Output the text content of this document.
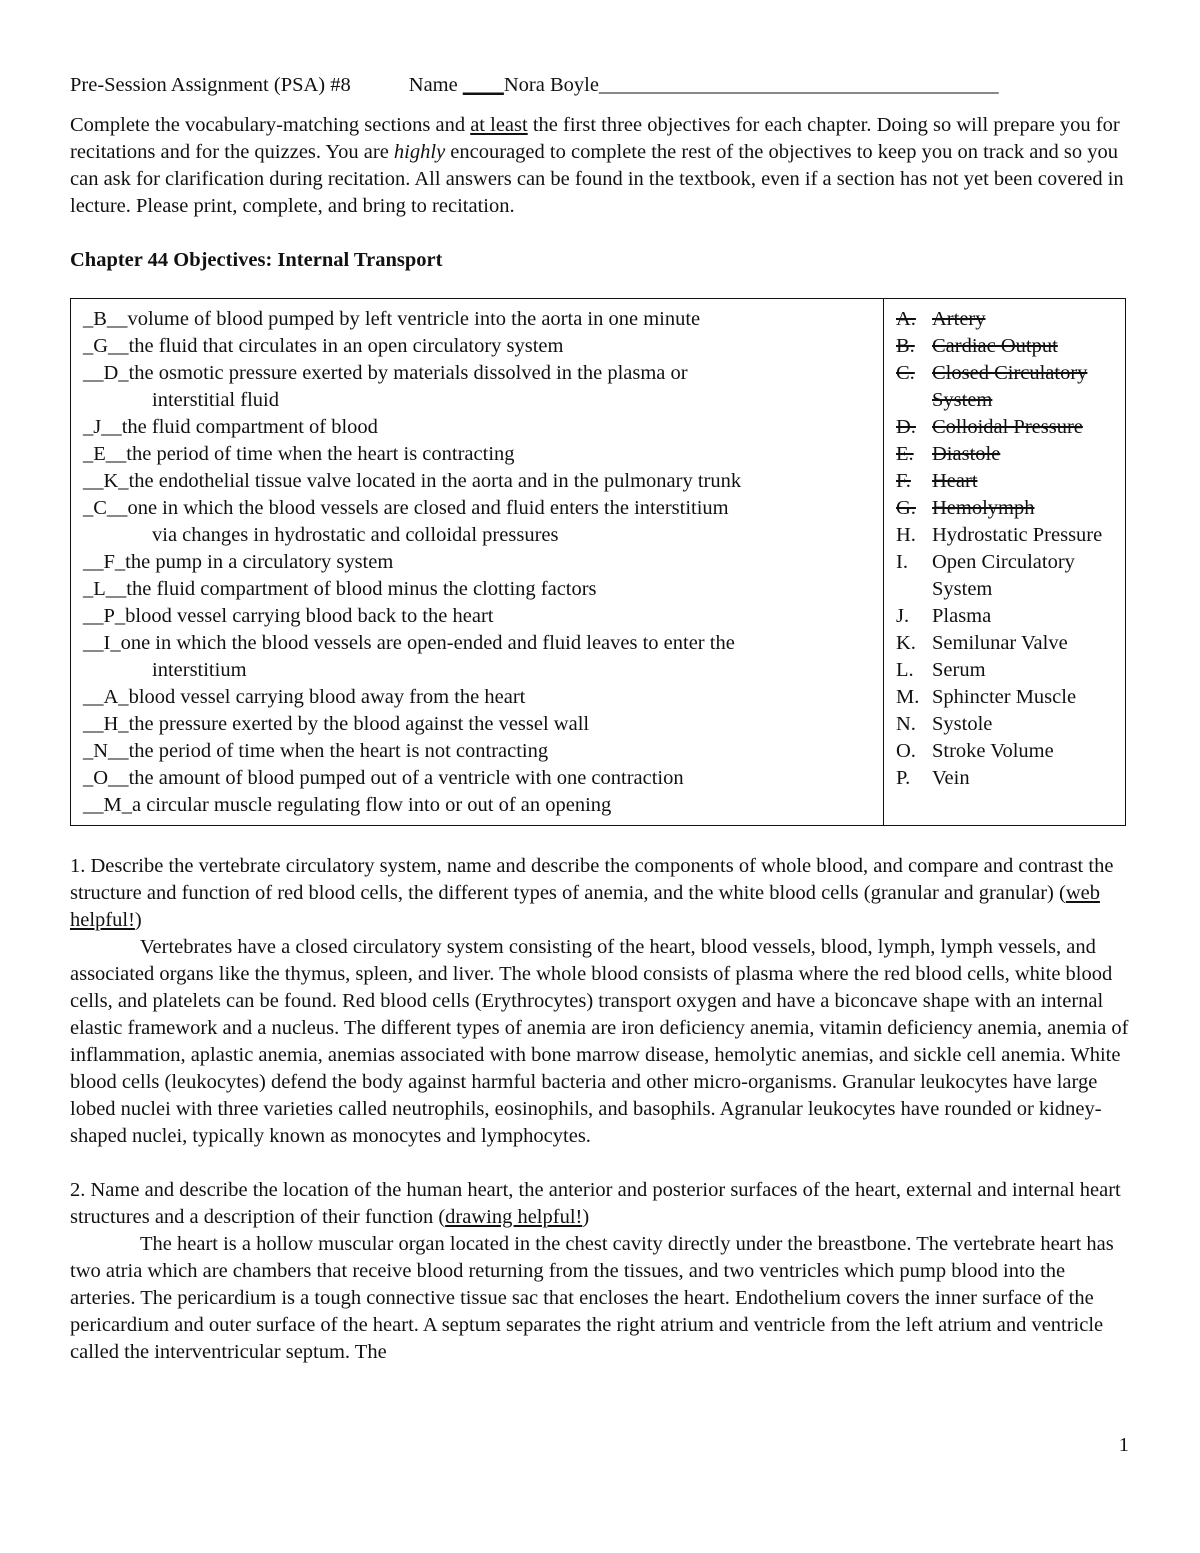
Pre-Session Assignment (PSA) #8	Name ____Nora Boyle_______________________________________
Complete the vocabulary-matching sections and at least the first three objectives for each chapter. Doing so will prepare you for recitations and for the quizzes. You are highly encouraged to complete the rest of the objectives to keep you on track and so you can ask for clarification during recitation. All answers can be found in the textbook, even if a section has not yet been covered in lecture. Please print, complete, and bring to recitation.
Chapter 44 Objectives: Internal Transport
_B__ volume of blood pumped by left ventricle into the aorta in one minute
_G__ the fluid that circulates in an open circulatory system
__D_ the osmotic pressure exerted by materials dissolved in the plasma or
interstitial fluid
_J__ the fluid compartment of blood
_E__ the period of time when the heart is contracting
__K_ the endothelial tissue valve located in the aorta and in the pulmonary trunk
_C__ one in which the blood vessels are closed and fluid enters the interstitium
via changes in hydrostatic and colloidal pressures
__F_ the pump in a circulatory system
_L__ the fluid compartment of blood minus the clotting factors
__P_ blood vessel carrying blood back to the heart
__I_ one in which the blood vessels are open-ended and fluid leaves to enter the
interstitium
__A_ blood vessel carrying blood away from the heart
__H_ the pressure exerted by the blood against the vessel wall
_N__ the period of time when the heart is not contracting
_O__ the amount of blood pumped out of a ventricle with one contraction
__M_ a circular muscle regulating flow into or out of an opening
A. Artery
B. Cardiac Output
C. Closed Circulatory System
D. Colloidal Pressure
E. Diastole
F.	Heart
G. Hemolymph
H. Hydrostatic Pressure
I.	Open Circulatory System
J.	Plasma
K. Semilunar Valve
L. Serum
M. Sphincter Muscle
N. Systole
O. Stroke Volume
P.	Vein
1. Describe the vertebrate circulatory system, name and describe the components of whole blood, and compare and contrast the structure and function of red blood cells, the different types of anemia, and the white blood cells (granular and granular) (web helpful!)
Vertebrates have a closed circulatory system consisting of the heart, blood vessels, blood, lymph, lymph vessels, and associated organs like the thymus, spleen, and liver. The whole blood consists of plasma where the red blood cells, white blood cells, and platelets can be found. Red blood cells (Erythrocytes) transport oxygen and have a biconcave shape with an internal elastic framework and a nucleus. The different types of anemia are iron deficiency anemia, vitamin deficiency anemia, anemia of inflammation, aplastic anemia, anemias associated with bone marrow disease, hemolytic anemias, and sickle cell anemia. White blood cells (leukocytes) defend the body against harmful bacteria and other micro-organisms. Granular leukocytes have large lobed nuclei with three varieties called neutrophils, eosinophils, and basophils. Agranular leukocytes have rounded or kidney-shaped nuclei, typically known as monocytes and lymphocytes.
2. Name and describe the location of the human heart, the anterior and posterior surfaces of the heart, external and internal heart structures and a description of their function (drawing helpful!)
The heart is a hollow muscular organ located in the chest cavity directly under the breastbone. The vertebrate heart has two atria which are chambers that receive blood returning from the tissues, and two ventricles which pump blood into the arteries. The pericardium is a tough connective tissue sac that encloses the heart. Endothelium covers the inner surface of the pericardium and outer surface of the heart. A septum separates the right atrium and ventricle from the left atrium and ventricle called the interventricular septum. The
1
